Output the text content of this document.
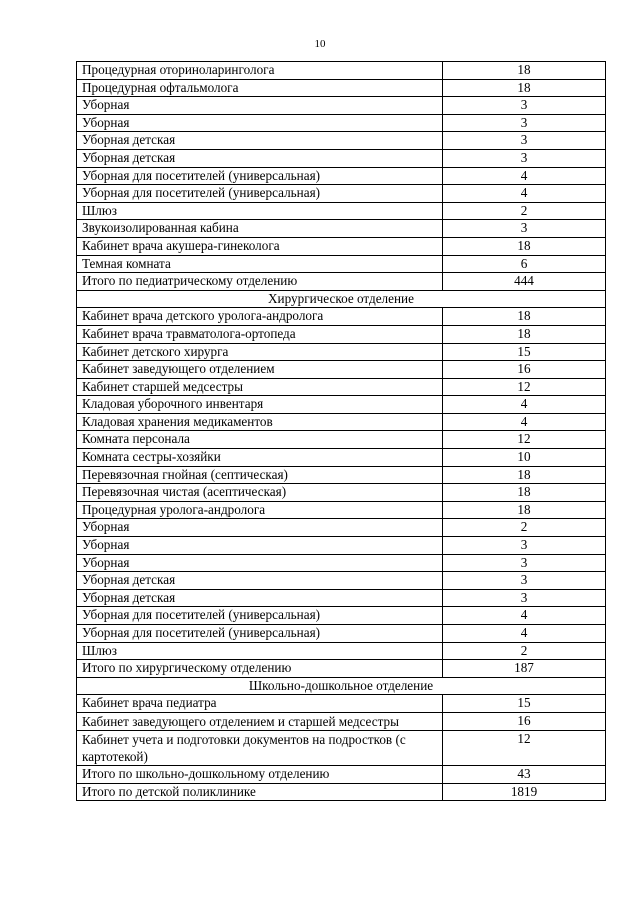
10
Процедурная оториноларинголога	18
Процедурная офтальмолога	18
Уборная	3
Уборная	3
Уборная детская	3
Уборная детская	3
Уборная для посетителей (универсальная)	4
Уборная для посетителей (универсальная)	4
Шлюз	2
Звукоизолированная кабина	3
Кабинет врача акушера-гинеколога	18
Темная комната	6
Итого по педиатрическому отделению	444
Хирургическое отделение	
Кабинет врача детского уролога-андролога	18
Кабинет врача травматолога-ортопеда	18
Кабинет детского хирурга	15
Кабинет заведующего отделением	16
Кабинет старшей медсестры	12
Кладовая уборочного инвентаря	4
Кладовая хранения медикаментов	4
Комната персонала	12
Комната сестры-хозяйки	10
Перевязочная гнойная (септическая)	18
Перевязочная чистая (асептическая)	18
Процедурная уролога-андролога	18
Уборная	2
Уборная	3
Уборная	3
Уборная детская	3
Уборная детская	3
Уборная для посетителей (универсальная)	4
Уборная для посетителей (универсальная)	4
Шлюз	2
Итого по хирургическому отделению	187
Школьно-дошкольное отделение	
Кабинет врача педиатра	15
Кабинет заведующего отделением и старшей медсестры	16
Кабинет учета и подготовки документов на подростков (с картотекой)	12
Итого по школьно-дошкольному отделению	43
Итого по детской поликлинике	1819
